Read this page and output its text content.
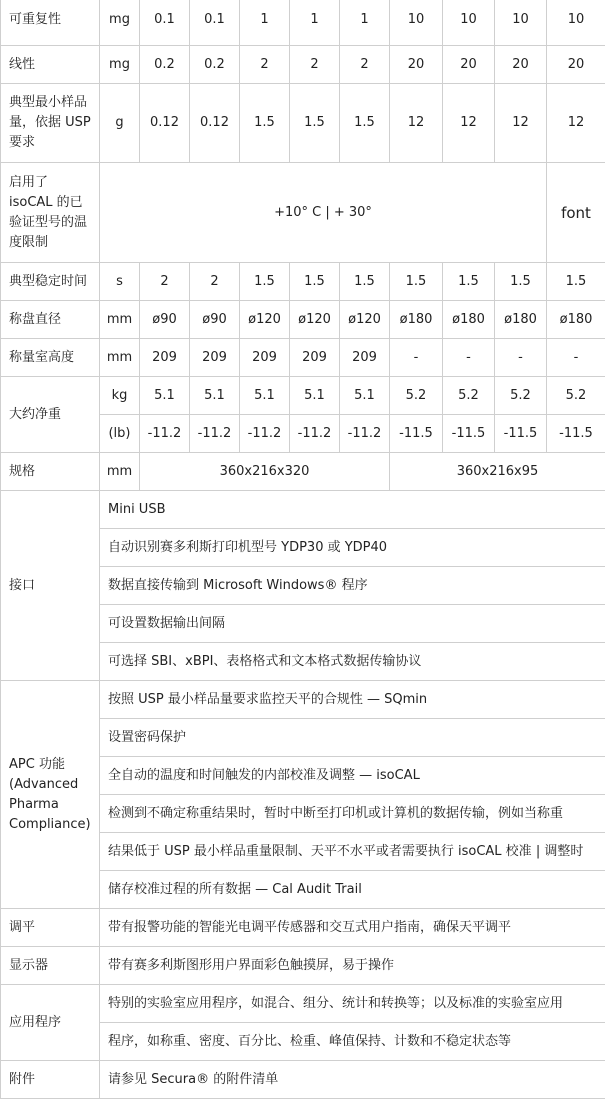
可重复性	mg	0.1	0.1	1	1	1	10	10	10	10
线性	mg	0.2	0.2	2	2	2	20	20	20	20
典型最小样品量，依据 USP 要求	g	0.12	0.12	1.5	1.5	1.5	12	12	12	12
启用了 isoCAL 的已验证型号的温度限制	+10° C | + 30°									font
典型稳定时间	s	2	2	1.5	1.5	1.5	1.5	1.5	1.5	1.5
称盘直径	mm	ø90	ø90	ø120	ø120	ø120	ø180	ø180	ø180	ø180
称量室高度	mm	209	209	209	209	209	-	-	-	-
大约净重	kg	5.1	5.1	5.1	5.1	5.1	5.2	5.2	5.2	5.2
	(lb)	-11.2	-11.2	-11.2	-11.2	-11.2	-11.5	-11.5	-11.5	-11.5
规格	mm	360x216x320					360x216x95			
接口	Mini USB									
	自动识别赛多利斯打印机型号 YDP30 或 YDP40									
	数据直接传输到 Microsoft Windows® 程序									
	可设置数据输出间隔									
	可选择 SBI、xBPI、表格格式和文本格式数据传输协议									
APC 功能 (Advanced Pharma Compliance)	按照 USP 最小样品量要求监控天平的合规性 — SQmin									
	设置密码保护									
	全自动的温度和时间触发的内部校准及调整 — isoCAL									
	检测到不确定称重结果时，暂时中断至打印机或计算机的数据传输，例如当称重									
	结果低于 USP 最小样品重量限制、天平不水平或者需要执行 isoCAL 校准 | 调整时									
	储存校准过程的所有数据 — Cal Audit Trail									
调平	带有报警功能的智能光电调平传感器和交互式用户指南，确保天平调平									
显示器	带有赛多利斯图形用户界面彩色触摸屏，易于操作									
应用程序	特别的实验室应用程序，如混合、组分、统计和转换等；以及标准的实验室应用									
	程序，如称重、密度、百分比、检重、峰值保持、计数和不稳定状态等									
附件	请参见 Secura® 的附件清单									
